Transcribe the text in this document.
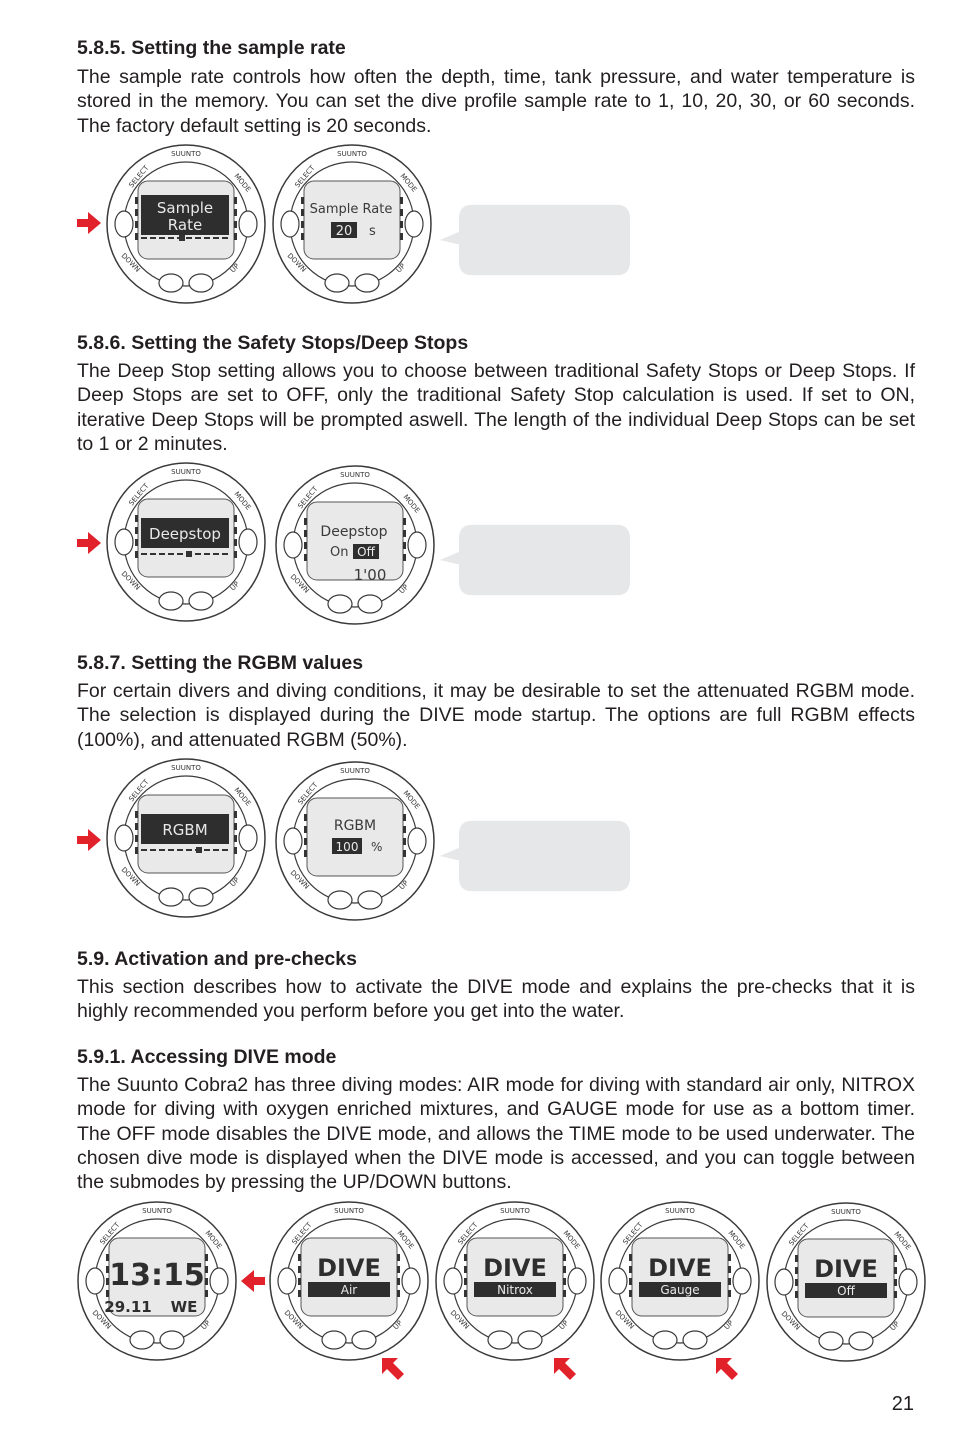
5.8.5. Setting the sample rate

The sample rate controls how often the depth, time, tank pressure, and water temperature is stored in the memory. You can set the dive profile sample rate to 1, 10, 20, 30, or 60 seconds. The factory default setting is 20 seconds.

SUUNTO
SELECT	MODE
DOWN	UP
Sample
Rate
SUUNTO
SELECT	MODE
DOWN	UP
Sample Rate
20 s
5.8.6. Setting the Safety Stops/Deep Stops

The Deep Stop setting allows you to choose between traditional Safety Stops or Deep Stops. If Deep Stops are set to OFF, only the traditional Safety Stop calculation is used. If set to ON, iterative Deep Stops will be prompted aswell. The length of the individual Deep Stops can be set to 1 or 2 minutes.

SUUNTO
SELECT	MODE
DOWN	UP
Deepstop
SUUNTO
SELECT	MODE
DOWN	UP
Deepstop
On Off
1'00
5.8.7. Setting the RGBM values

For certain divers and diving conditions, it may be desirable to set the attenuated RGBM mode. The selection is displayed during the DIVE mode startup. The options are full RGBM effects (100%), and attenuated RGBM (50%).

SUUNTO
SELECT	MODE
DOWN	UP
RGBM
SUUNTO
SELECT	MODE
DOWN	UP
RGBM
100 %
5.9. Activation and pre-checks

This section describes how to activate the DIVE mode and explains the pre-checks that it is highly recommended you perform before you get into the water.

5.9.1. Accessing DIVE mode

The Suunto Cobra2 has three diving modes: AIR mode for diving with standard air only, NITROX mode for diving with oxygen enriched mixtures, and GAUGE mode for use as a bottom timer. The OFF mode disables the DIVE mode, and allows the TIME mode to be used underwater. The chosen dive mode is displayed when the DIVE mode is accessed, and you can toggle between the submodes by pressing the UP/DOWN buttons.

SUUNTO
SELECT	MODE
DOWN	UP
13:15
29.11 WE
SUUNTO
SELECT	MODE
DOWN	UP
DIVE
Air
SUUNTO
SELECT	MODE
DOWN	UP
DIVE
Nitrox
SUUNTO
SELECT	MODE
DOWN	UP
DIVE
Gauge
SUUNTO
SELECT	MODE
DOWN	UP
DIVE
Off
21
